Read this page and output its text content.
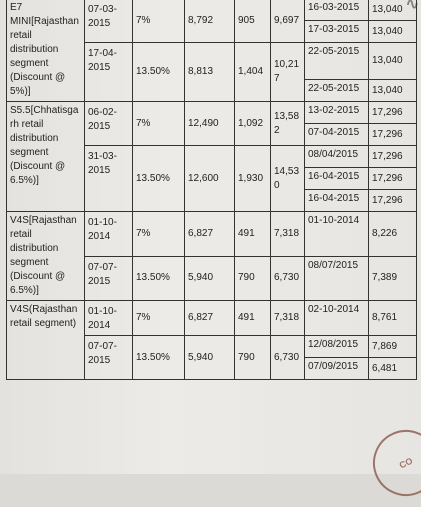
∿
E7 MINI[Rajasthan retail distribution segment (Discount @ 5%)]	07-03-2015	7%	8,792	905	9,697	16-03-2015	13,040
						17-03-2015	13,040
	17-04-2015	13.50%	8,813	1,404	10,217	22-05-2015	13,040
						22-05-2015	13,040
S5.5[Chhatisgarh retail distribution segment (Discount @ 6.5%)]	06-02-2015	7%	12,490	1,092	13,582	13-02-2015	17,296
						07-04-2015	17,296
	31-03-2015	13.50%	12,600	1,930	14,530	08/04/2015	17,296
						16-04-2015	17,296
						16-04-2015	17,296
V4S[Rajasthan retail distribution segment (Discount @ 6.5%)]	01-10-2014	7%	6,827	491	7,318	01-10-2014	8,226
	07-07-2015	13.50%	5,940	790	6,730	08/07/2015	7,389
V4S(Rajasthan retail segment)	01-10-2014	7%	6,827	491	7,318	02-10-2014	8,761
	07-07-2015	13.50%	5,940	790	6,730	12/08/2015	7,869
						07/09/2015	6,481
CO
